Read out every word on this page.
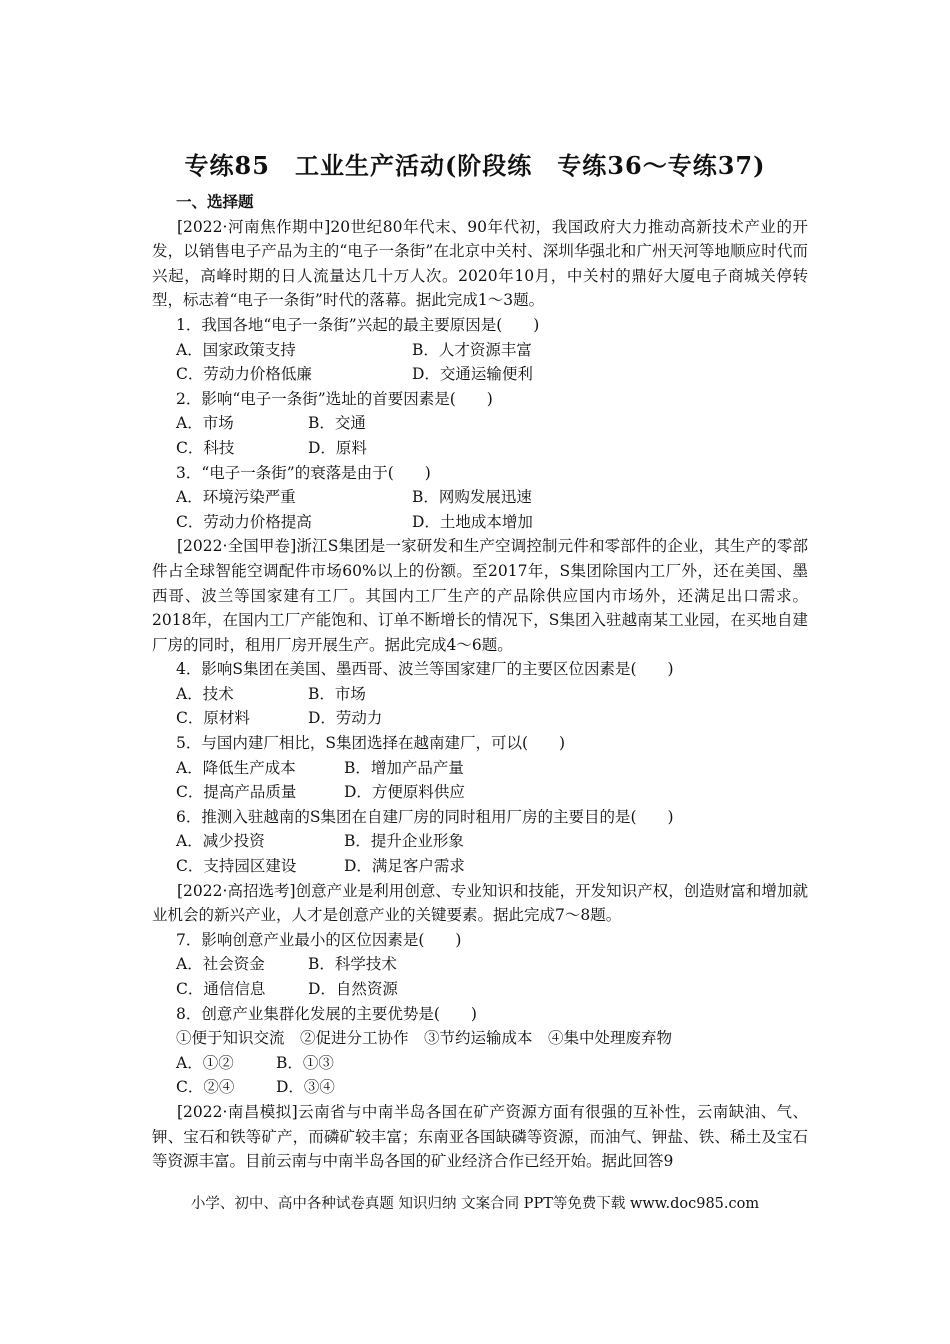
专练85　工业生产活动(阶段练　专练36～专练37)
一、选择题
[2022·河南焦作期中]20世纪80年代末、90年代初，我国政府大力推动高新技术产业的开发，以销售电子产品为主的“电子一条街”在北京中关村、深圳华强北和广州天河等地顺应时代而兴起，高峰时期的日人流量达几十万人次。2020年10月，中关村的鼎好大厦电子商城关停转型，标志着“电子一条街”时代的落幕。据此完成1～3题。
1．我国各地“电子一条街”兴起的最主要原因是(　　)
A．国家政策支持	B．人才资源丰富
C．劳动力价格低廉	D．交通运输便利
2．影响“电子一条街”选址的首要因素是(　　)
A．市场	B．交通
C．科技	D．原料
3．“电子一条街”的衰落是由于(　　)
A．环境污染严重	B．网购发展迅速
C．劳动力价格提高	D．土地成本增加
[2022·全国甲卷]浙江S集团是一家研发和生产空调控制元件和零部件的企业，其生产的零部件占全球智能空调配件市场60%以上的份额。至2017年，S集团除国内工厂外，还在美国、墨西哥、波兰等国家建有工厂。其国内工厂生产的产品除供应国内市场外，还满足出口需求。2018年，在国内工厂产能饱和、订单不断增长的情况下，S集团入驻越南某工业园，在买地自建厂房的同时，租用厂房开展生产。据此完成4～6题。
4．影响S集团在美国、墨西哥、波兰等国家建厂的主要区位因素是(　　)
A．技术	B．市场
C．原材料	D．劳动力
5．与国内建厂相比，S集团选择在越南建厂，可以(　　)
A．降低生产成本	B．增加产品产量
C．提高产品质量	D．方便原料供应
6．推测入驻越南的S集团在自建厂房的同时租用厂房的主要目的是(　　)
A．减少投资	B．提升企业形象
C．支持园区建设	D．满足客户需求
[2022·高招选考]创意产业是利用创意、专业知识和技能，开发知识产权，创造财富和增加就业机会的新兴产业，人才是创意产业的关键要素。据此完成7～8题。
7．影响创意产业最小的区位因素是(　　)
A．社会资金	B．科学技术
C．通信信息	D．自然资源
8．创意产业集群化发展的主要优势是(　　)
①便于知识交流　②促进分工协作　③节约运输成本　④集中处理废弃物
A．①②	B．①③
C．②④	D．③④
[2022·南昌模拟]云南省与中南半岛各国在矿产资源方面有很强的互补性，云南缺油、气、钾、宝石和铁等矿产，而磷矿较丰富；东南亚各国缺磷等资源，而油气、钾盐、铁、稀土及宝石等资源丰富。目前云南与中南半岛各国的矿业经济合作已经开始。据此回答9
小学、初中、高中各种试卷真题 知识归纳 文案合同 PPT等免费下载 www.doc985.com
